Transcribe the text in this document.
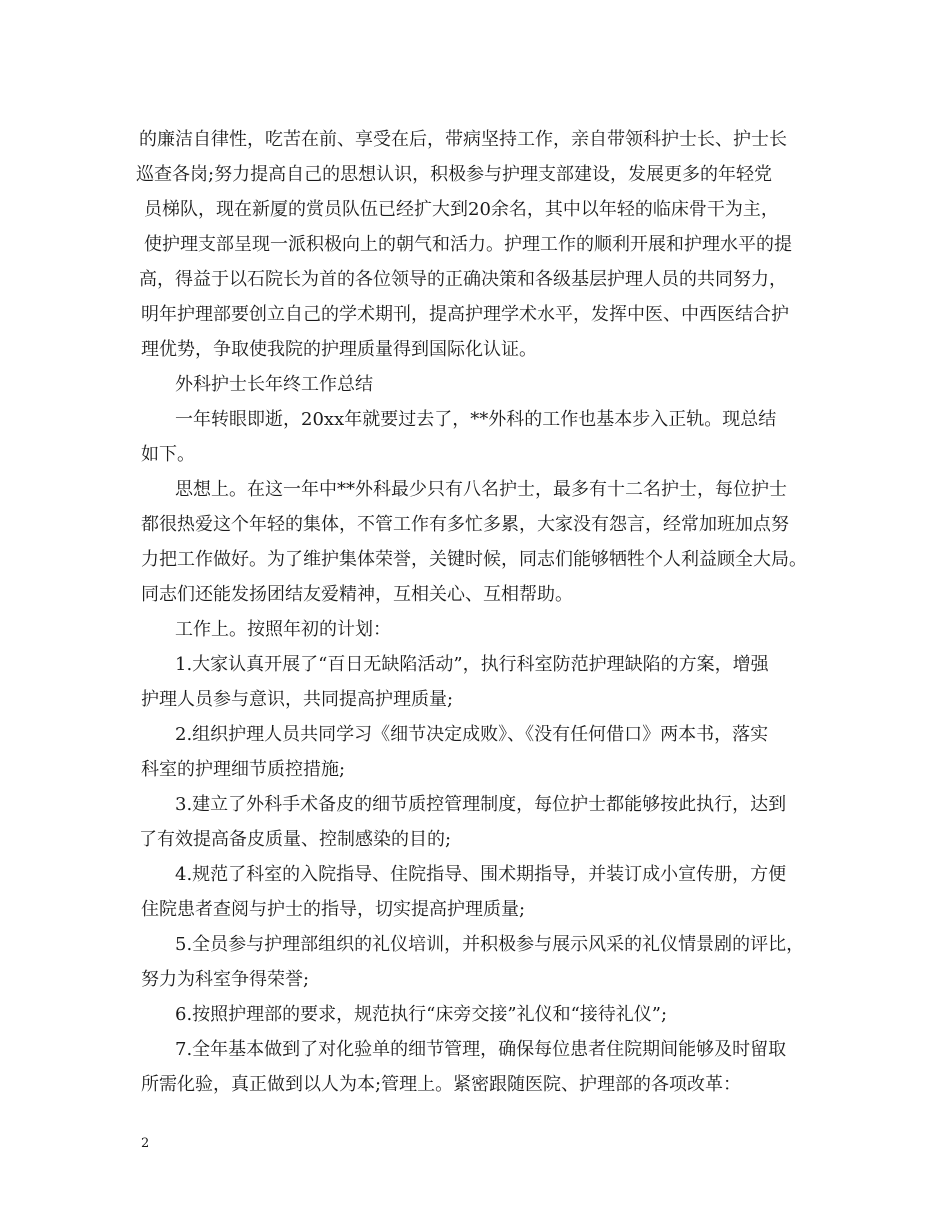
的廉洁自律性，吃苦在前、享受在后，带病坚持工作，亲自带领科护士长、护士长
巡查各岗;努力提高自己的思想认识，积极参与护理支部建设，发展更多的年轻党
员梯队，现在新厦的赏员队伍已经扩大到20余名，其中以年轻的临床骨干为主，
使护理支部呈现一派积极向上的朝气和活力。护理工作的顺利开展和护理水平的提
高，得益于以石院长为首的各位领导的正确决策和各级基层护理人员的共同努力，
明年护理部要创立自己的学术期刊，提高护理学术水平，发挥中医、中西医结合护
理优势，争取使我院的护理质量得到国际化认证。
外科护士长年终工作总结
一年转眼即逝，20xx年就要过去了，**外科的工作也基本步入正轨。现总结
如下。
思想上。在这一年中**外科最少只有八名护士，最多有十二名护士，每位护士
都很热爱这个年轻的集体，不管工作有多忙多累，大家没有怨言，经常加班加点努
力把工作做好。为了维护集体荣誉，关键时候，同志们能够牺牲个人利益顾全大局。
同志们还能发扬团结友爱精神，互相关心、互相帮助。
工作上。按照年初的计划：
1.大家认真开展了“百日无缺陷活动”，执行科室防范护理缺陷的方案，增强
护理人员参与意识，共同提高护理质量;
2.组织护理人员共同学习《细节决定成败》、《没有任何借口》两本书，落实
科室的护理细节质控措施;
3.建立了外科手术备皮的细节质控管理制度，每位护士都能够按此执行，达到
了有效提高备皮质量、控制感染的目的;
4.规范了科室的入院指导、住院指导、围术期指导，并装订成小宣传册，方便
住院患者查阅与护士的指导，切实提高护理质量;
5.全员参与护理部组织的礼仪培训，并积极参与展示风采的礼仪情景剧的评比，
努力为科室争得荣誉;
6.按照护理部的要求，规范执行“床旁交接”礼仪和“接待礼仪”;
7.全年基本做到了对化验单的细节管理，确保每位患者住院期间能够及时留取
所需化验，真正做到以人为本;管理上。紧密跟随医院、护理部的各项改革：
2
